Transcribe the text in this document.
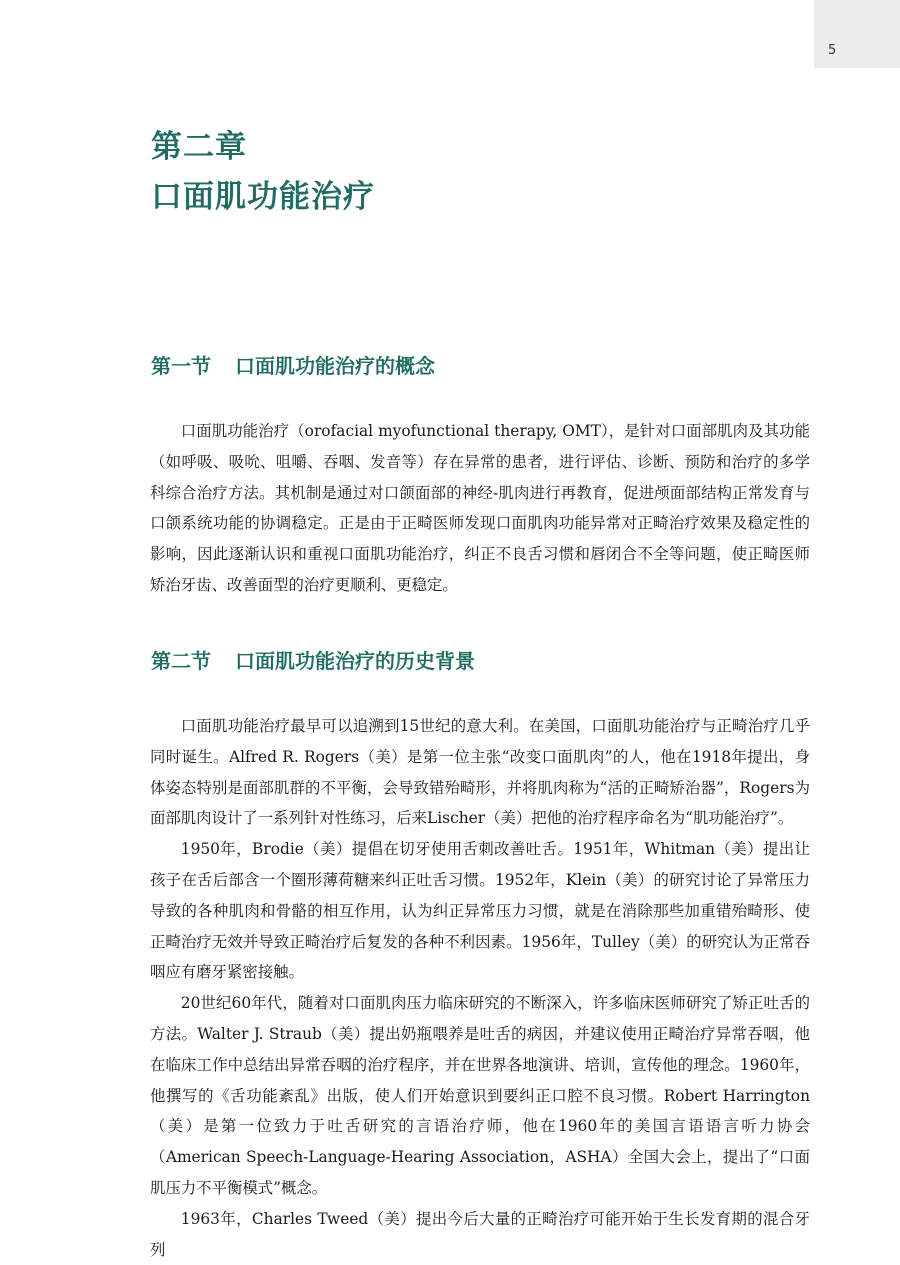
5
第二章
口面肌功能治疗
第一节 口面肌功能治疗的概念

口面肌功能治疗（orofacial myofunctional therapy, OMT），是针对口面部肌肉及其功能（如呼吸、吸吮、咀嚼、吞咽、发音等）存在异常的患者，进行评估、诊断、预防和治疗的多学科综合治疗方法。其机制是通过对口颌面部的神经-肌肉进行再教育，促进颅面部结构正常发育与口颌系统功能的协调稳定。正是由于正畸医师发现口面肌肉功能异常对正畸治疗效果及稳定性的影响，因此逐渐认识和重视口面肌功能治疗，纠正不良舌习惯和唇闭合不全等问题，使正畸医师矫治牙齿、改善面型的治疗更顺利、更稳定。

第二节 口面肌功能治疗的历史背景

口面肌功能治疗最早可以追溯到15世纪的意大利。在美国，口面肌功能治疗与正畸治疗几乎同时诞生。Alfred R. Rogers（美）是第一位主张“改变口面肌肉”的人，他在1918年提出，身体姿态特别是面部肌群的不平衡，会导致错殆畸形，并将肌肉称为“活的正畸矫治器”，Rogers为面部肌肉设计了一系列针对性练习，后来Lischer（美）把他的治疗程序命名为“肌功能治疗”。

1950年，Brodie（美）提倡在切牙使用舌刺改善吐舌。1951年，Whitman（美）提出让孩子在舌后部含一个圈形薄荷糖来纠正吐舌习惯。1952年，Klein（美）的研究讨论了异常压力导致的各种肌肉和骨骼的相互作用，认为纠正异常压力习惯，就是在消除那些加重错殆畸形、使正畸治疗无效并导致正畸治疗后复发的各种不利因素。1956年，Tulley（美）的研究认为正常吞咽应有磨牙紧密接触。

20世纪60年代，随着对口面肌肉压力临床研究的不断深入，许多临床医师研究了矫正吐舌的方法。Walter J. Straub（美）提出奶瓶喂养是吐舌的病因，并建议使用正畸治疗异常吞咽，他在临床工作中总结出异常吞咽的治疗程序，并在世界各地演讲、培训，宣传他的理念。1960年，他撰写的《舌功能紊乱》出版，使人们开始意识到要纠正口腔不良习惯。Robert Harrington（美）是第一位致力于吐舌研究的言语治疗师，他在1960年的美国言语语言听力协会（American Speech-Language-Hearing Association，ASHA）全国大会上，提出了“口面肌压力不平衡模式”概念。

1963年，Charles Tweed（美）提出今后大量的正畸治疗可能开始于生长发育期的混合牙列
